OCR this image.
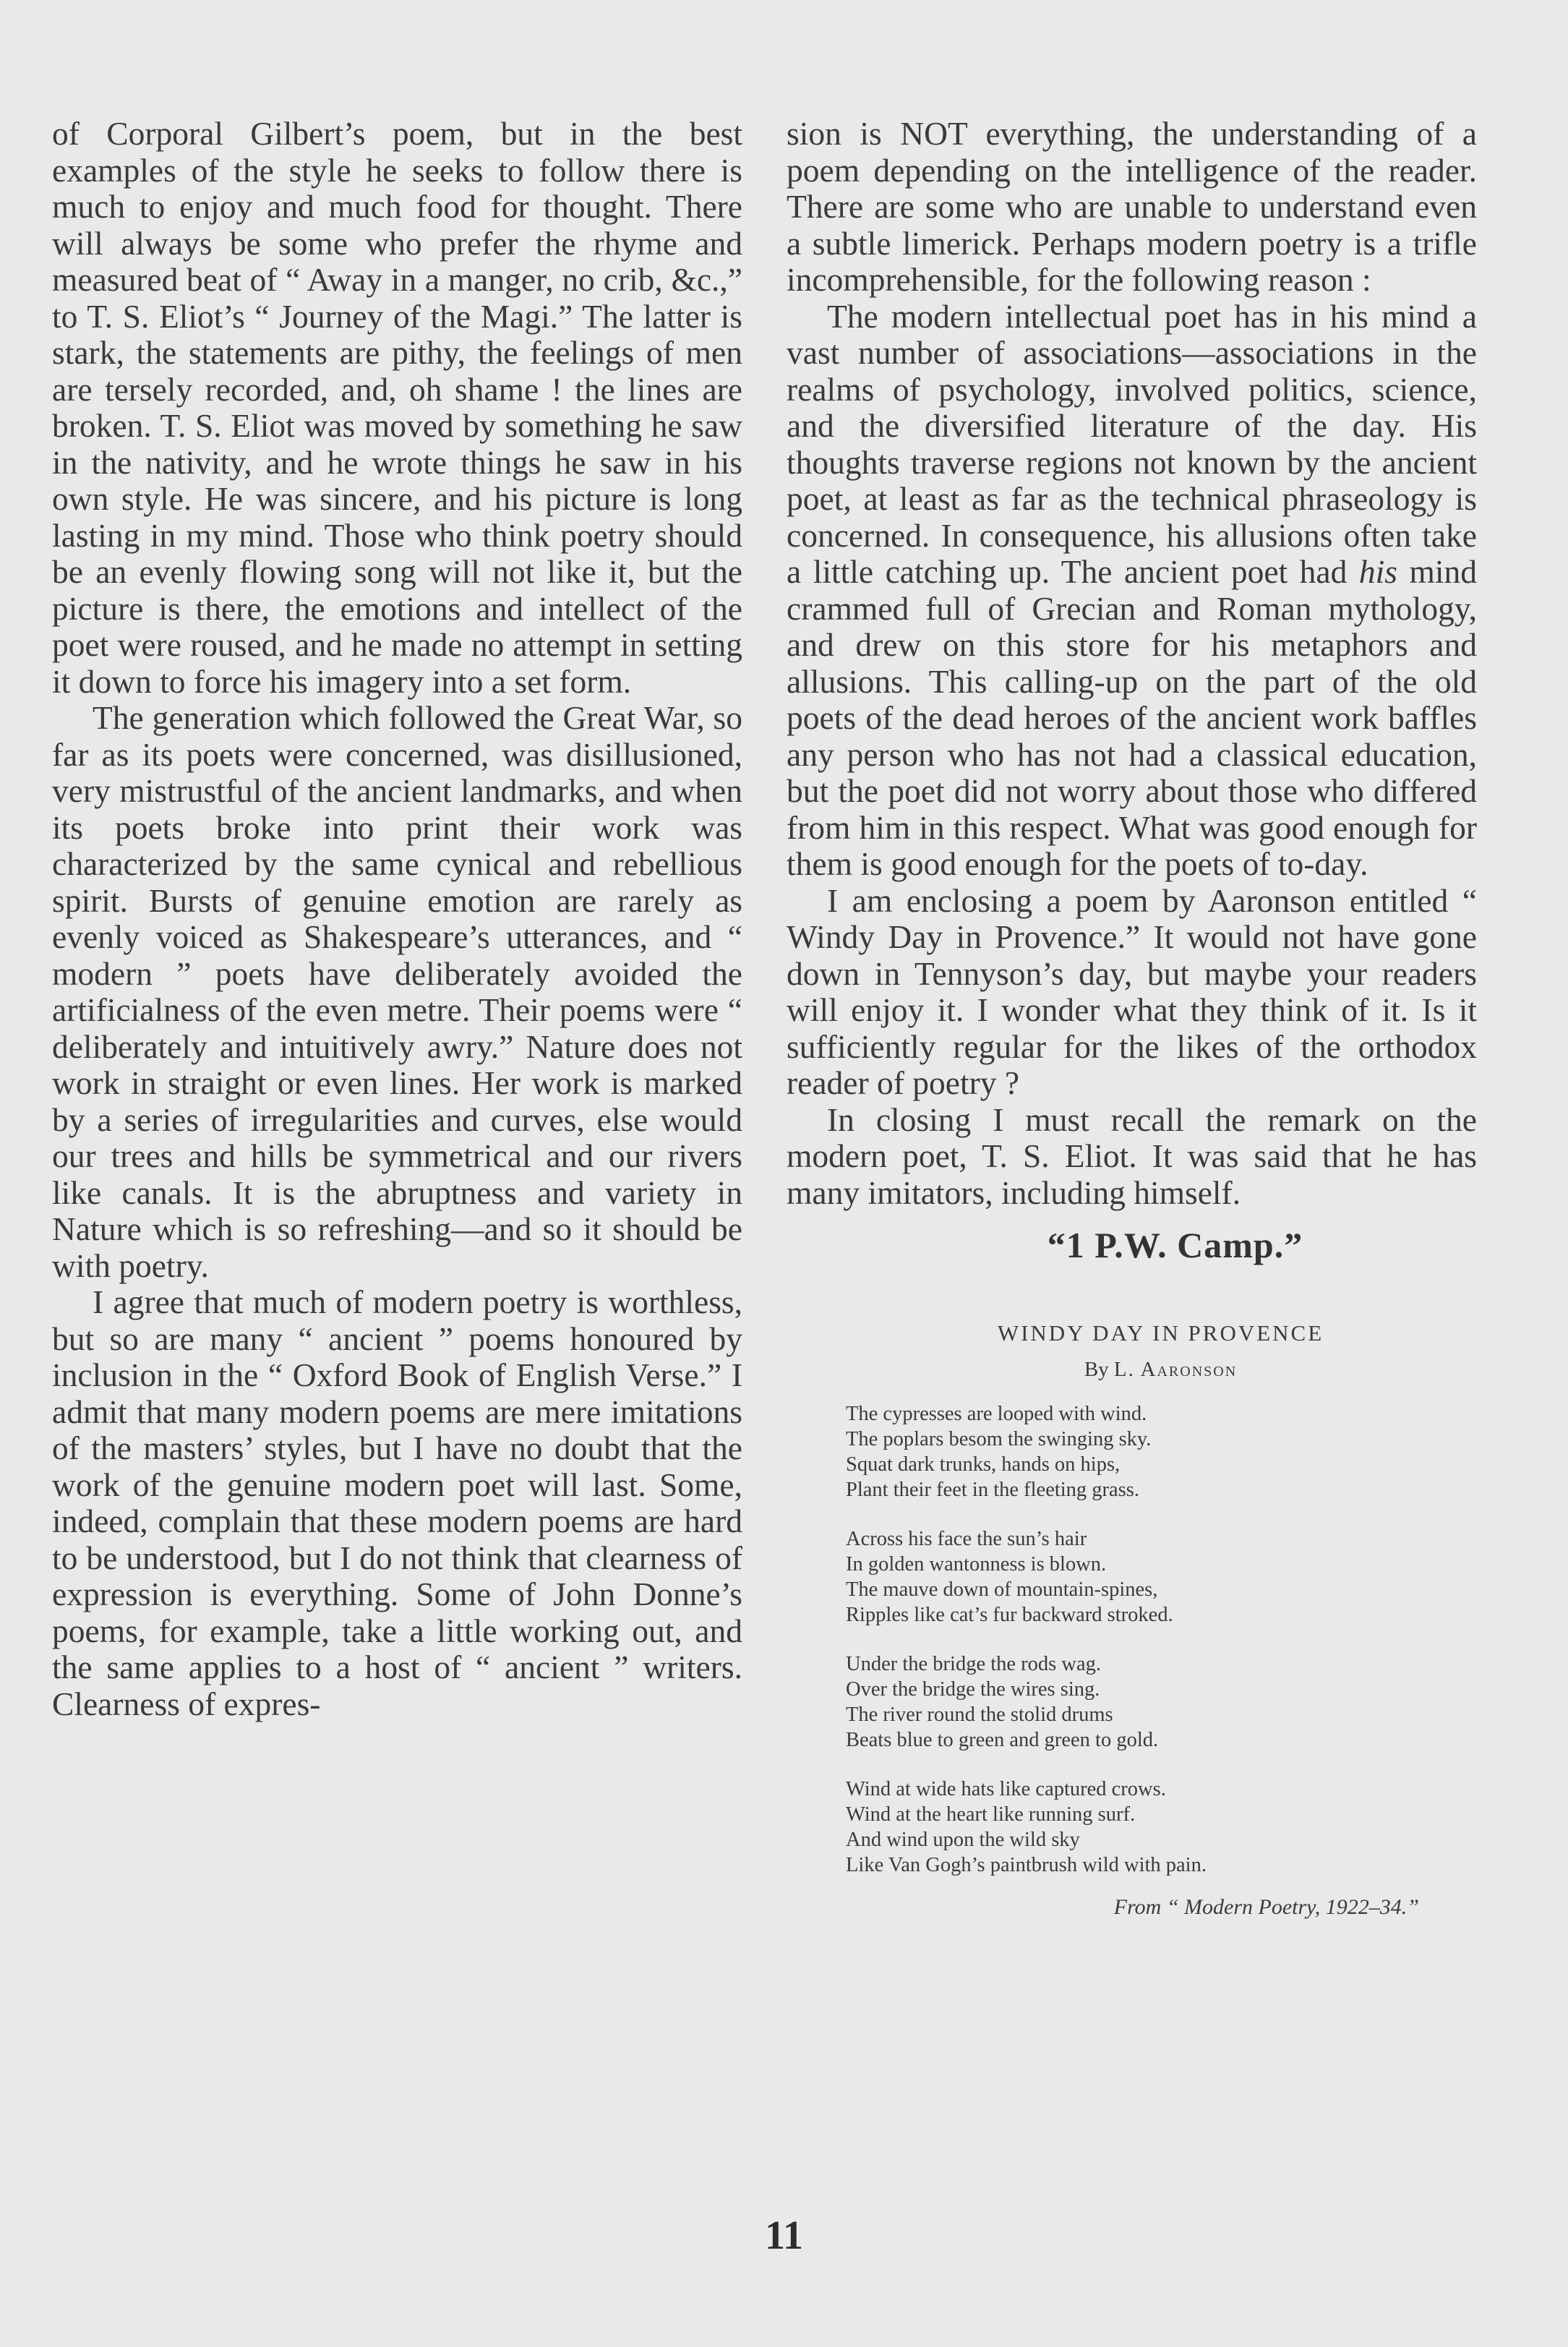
of Corporal Gilbert’s poem, but in the best examples of the style he seeks to follow there is much to enjoy and much food for thought. There will always be some who prefer the rhyme and measured beat of “ Away in a manger, no crib, &c.,” to T. S. Eliot’s “ Journey of the Magi.” The latter is stark, the statements are pithy, the feelings of men are tersely recorded, and, oh shame ! the lines are broken. T. S. Eliot was moved by something he saw in the nativity, and he wrote things he saw in his own style. He was sincere, and his picture is long lasting in my mind. Those who think poetry should be an evenly flowing song will not like it, but the picture is there, the emotions and intellect of the poet were roused, and he made no attempt in setting it down to force his imagery into a set form.

The generation which followed the Great War, so far as its poets were concerned, was disillusioned, very mistrustful of the ancient landmarks, and when its poets broke into print their work was characterized by the same cynical and rebellious spirit. Bursts of genuine emotion are rarely as evenly voiced as Shakespeare’s utterances, and “ modern ” poets have deliberately avoided the artificialness of the even metre. Their poems were “ deliberately and intuitively awry.” Nature does not work in straight or even lines. Her work is marked by a series of irregularities and curves, else would our trees and hills be symmetrical and our rivers like canals. It is the abruptness and variety in Nature which is so refreshing—and so it should be with poetry.

I agree that much of modern poetry is worthless, but so are many “ ancient ” poems honoured by inclusion in the “ Oxford Book of English Verse.” I admit that many modern poems are mere imitations of the masters’ styles, but I have no doubt that the work of the genuine modern poet will last. Some, indeed, complain that these modern poems are hard to be understood, but I do not think that clearness of expression is everything. Some of John Donne’s poems, for example, take a little working out, and the same applies to a host of “ ancient ” writers. Clearness of expres-

sion is NOT everything, the understanding of a poem depending on the intelligence of the reader. There are some who are unable to understand even a subtle limerick. Perhaps modern poetry is a trifle incomprehensible, for the following reason :

The modern intellectual poet has in his mind a vast number of associations—associations in the realms of psychology, involved politics, science, and the diversified literature of the day. His thoughts traverse regions not known by the ancient poet, at least as far as the technical phraseology is concerned. In consequence, his allusions often take a little catching up. The ancient poet had his mind crammed full of Grecian and Roman mythology, and drew on this store for his metaphors and allusions. This calling-up on the part of the old poets of the dead heroes of the ancient work baffles any person who has not had a classical education, but the poet did not worry about those who differed from him in this respect. What was good enough for them is good enough for the poets of to-day.

I am enclosing a poem by Aaronson entitled “ Windy Day in Provence.” It would not have gone down in Tennyson’s day, but maybe your readers will enjoy it. I wonder what they think of it. Is it sufficiently regular for the likes of the orthodox reader of poetry ?

In closing I must recall the remark on the modern poet, T. S. Eliot. It was said that he has many imitators, including himself.

“1 P.W. Camp.”
WINDY DAY IN PROVENCE
By L. Aaronson
The cypresses are looped with wind.
The poplars besom the swinging sky.
Squat dark trunks, hands on hips,
Plant their feet in the fleeting grass.
Across his face the sun’s hair
In golden wantonness is blown.
The mauve down of mountain-spines,
Ripples like cat’s fur backward stroked.
Under the bridge the rods wag.
Over the bridge the wires sing.
The river round the stolid drums
Beats blue to green and green to gold.
Wind at wide hats like captured crows.
Wind at the heart like running surf.
And wind upon the wild sky
Like Van Gogh’s paintbrush wild with pain.
From “ Modern Poetry, 1922–34.”
11
